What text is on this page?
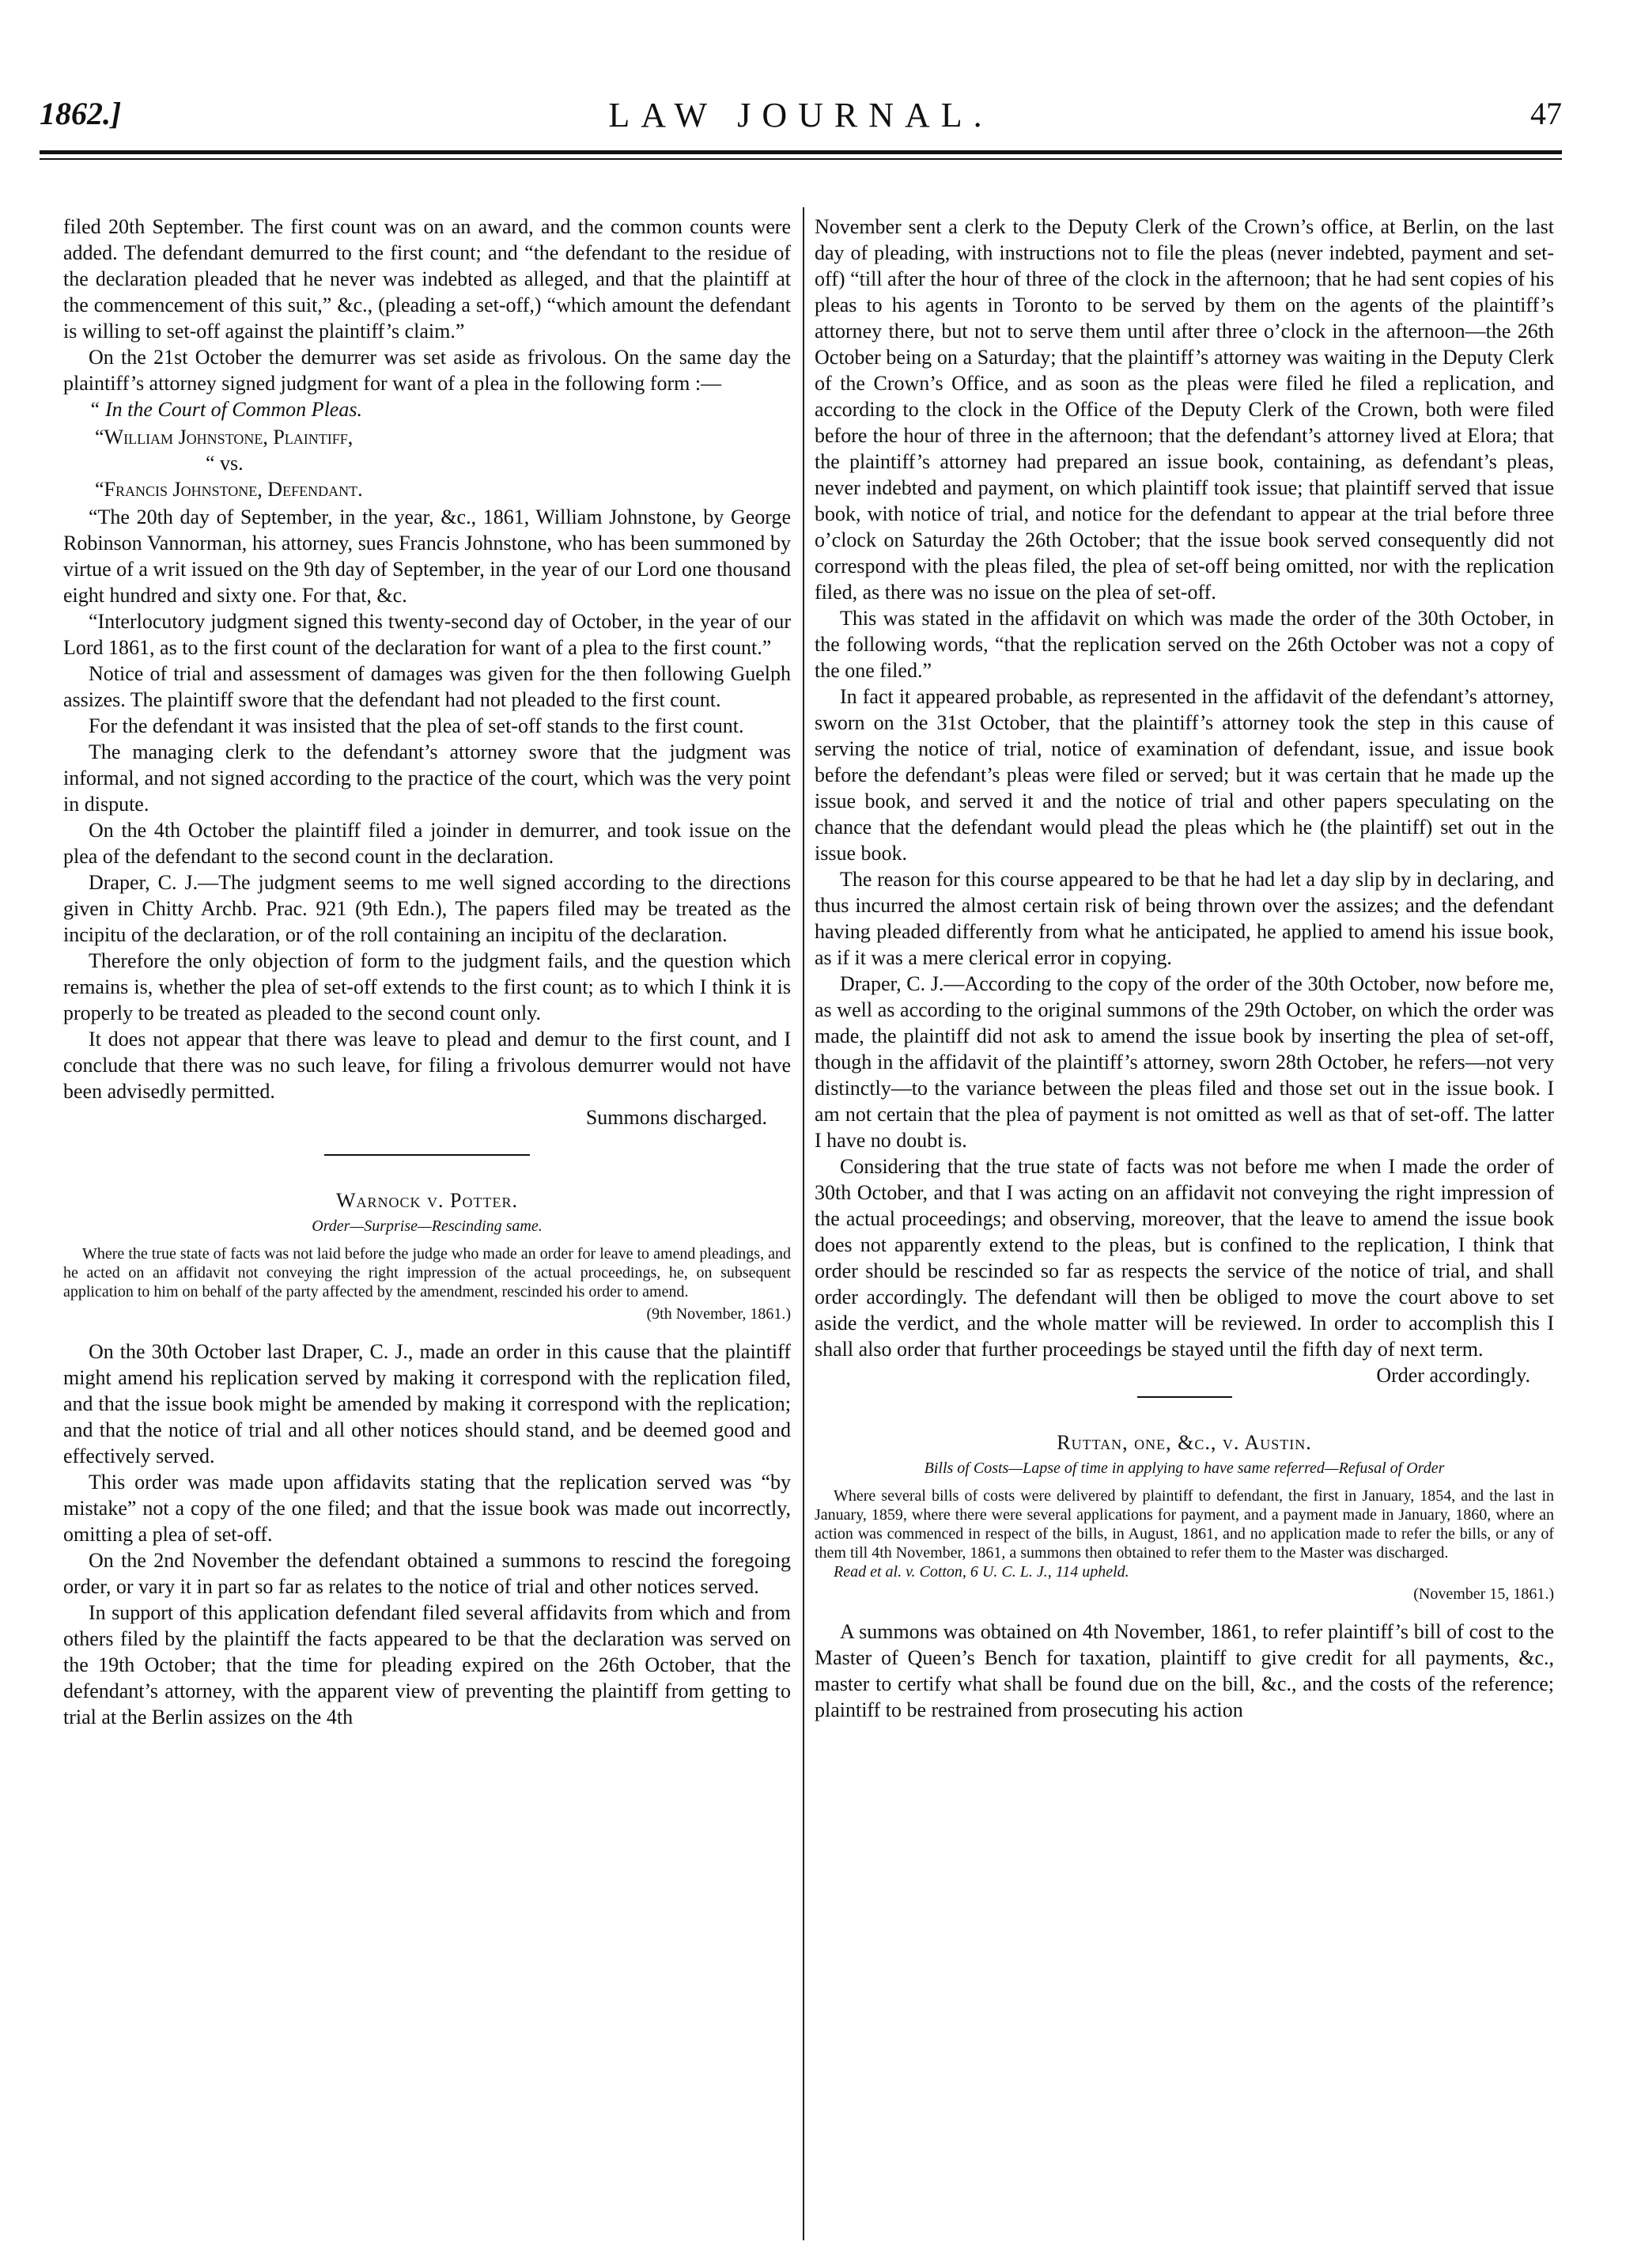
1862.]	LAW JOURNAL.	47

filed 20th September. The first count was on an award, and the common counts were added. The defendant demurred to the first count; and “the defendant to the residue of the declaration pleaded that he never was indebted as alleged, and that the plaintiff at the commencement of this suit,” &c., (pleading a set-off,) “which amount the defendant is willing to set-off against the plaintiff’s claim.”

On the 21st October the demurrer was set aside as frivolous. On the same day the plaintiff’s attorney signed judgment for want of a plea in the following form :—

“ In the Court of Common Pleas.

“William Johnstone, Plaintiff,
“ vs.
“Francis Johnstone, Defendant.

“The 20th day of September, in the year, &c., 1861, William Johnstone, by George Robinson Vannorman, his attorney, sues Francis Johnstone, who has been summoned by virtue of a writ issued on the 9th day of September, in the year of our Lord one thousand eight hundred and sixty one. For that, &c.

“Interlocutory judgment signed this twenty-second day of October, in the year of our Lord 1861, as to the first count of the declaration for want of a plea to the first count.”

Notice of trial and assessment of damages was given for the then following Guelph assizes. The plaintiff swore that the defendant had not pleaded to the first count.

For the defendant it was insisted that the plea of set-off stands to the first count.

The managing clerk to the defendant’s attorney swore that the judgment was informal, and not signed according to the practice of the court, which was the very point in dispute.

On the 4th October the plaintiff filed a joinder in demurrer, and took issue on the plea of the defendant to the second count in the declaration.

Draper, C. J.—The judgment seems to me well signed according to the directions given in Chitty Archb. Prac. 921 (9th Edn.), The papers filed may be treated as the incipitu of the declaration, or of the roll containing an incipitu of the declaration.

Therefore the only objection of form to the judgment fails, and the question which remains is, whether the plea of set-off extends to the first count; as to which I think it is properly to be treated as pleaded to the second count only.

It does not appear that there was leave to plead and demur to the first count, and I conclude that there was no such leave, for filing a frivolous demurrer would not have been advisedly permitted.

Summons discharged.

Warnock v. Potter.

Order—Surprise—Rescinding same.

Where the true state of facts was not laid before the judge who made an order for leave to amend pleadings, and he acted on an affidavit not conveying the right impression of the actual proceedings, he, on subsequent application to him on behalf of the party affected by the amendment, rescinded his order to amend.

(9th November, 1861.)

On the 30th October last Draper, C. J., made an order in this cause that the plaintiff might amend his replication served by making it correspond with the replication filed, and that the issue book might be amended by making it correspond with the replication; and that the notice of trial and all other notices should stand, and be deemed good and effectively served.

This order was made upon affidavits stating that the replication served was “by mistake” not a copy of the one filed; and that the issue book was made out incorrectly, omitting a plea of set-off.

On the 2nd November the defendant obtained a summons to rescind the foregoing order, or vary it in part so far as relates to the notice of trial and other notices served.

In support of this application defendant filed several affidavits from which and from others filed by the plaintiff the facts appeared to be that the declaration was served on the 19th October; that the time for pleading expired on the 26th October, that the defendant’s attorney, with the apparent view of preventing the plaintiff from getting to trial at the Berlin assizes on the 4th

November sent a clerk to the Deputy Clerk of the Crown’s office, at Berlin, on the last day of pleading, with instructions not to file the pleas (never indebted, payment and set-off) “till after the hour of three of the clock in the afternoon; that he had sent copies of his pleas to his agents in Toronto to be served by them on the agents of the plaintiff’s attorney there, but not to serve them until after three o’clock in the afternoon—the 26th October being on a Saturday; that the plaintiff’s attorney was waiting in the Deputy Clerk of the Crown’s Office, and as soon as the pleas were filed he filed a replication, and according to the clock in the Office of the Deputy Clerk of the Crown, both were filed before the hour of three in the afternoon; that the defendant’s attorney lived at Elora; that the plaintiff’s attorney had prepared an issue book, containing, as defendant’s pleas, never indebted and payment, on which plaintiff took issue; that plaintiff served that issue book, with notice of trial, and notice for the defendant to appear at the trial before three o’clock on Saturday the 26th October; that the issue book served consequently did not correspond with the pleas filed, the plea of set-off being omitted, nor with the replication filed, as there was no issue on the plea of set-off.

This was stated in the affidavit on which was made the order of the 30th October, in the following words, “that the replication served on the 26th October was not a copy of the one filed.”

In fact it appeared probable, as represented in the affidavit of the defendant’s attorney, sworn on the 31st October, that the plaintiff’s attorney took the step in this cause of serving the notice of trial, notice of examination of defendant, issue, and issue book before the defendant’s pleas were filed or served; but it was certain that he made up the issue book, and served it and the notice of trial and other papers speculating on the chance that the defendant would plead the pleas which he (the plaintiff) set out in the issue book.

The reason for this course appeared to be that he had let a day slip by in declaring, and thus incurred the almost certain risk of being thrown over the assizes; and the defendant having pleaded differently from what he anticipated, he applied to amend his issue book, as if it was a mere clerical error in copying.

Draper, C. J.—According to the copy of the order of the 30th October, now before me, as well as according to the original summons of the 29th October, on which the order was made, the plaintiff did not ask to amend the issue book by inserting the plea of set-off, though in the affidavit of the plaintiff’s attorney, sworn 28th October, he refers—not very distinctly—to the variance between the pleas filed and those set out in the issue book. I am not certain that the plea of payment is not omitted as well as that of set-off. The latter I have no doubt is.

Considering that the true state of facts was not before me when I made the order of 30th October, and that I was acting on an affidavit not conveying the right impression of the actual proceedings; and observing, moreover, that the leave to amend the issue book does not apparently extend to the pleas, but is confined to the replication, I think that order should be rescinded so far as respects the service of the notice of trial, and shall order accordingly. The defendant will then be obliged to move the court above to set aside the verdict, and the whole matter will be reviewed. In order to accomplish this I shall also order that further proceedings be stayed until the fifth day of next term.

Order accordingly.

Ruttan, one, &c., v. Austin.

Bills of Costs—Lapse of time in applying to have same referred—Refusal of Order

Where several bills of costs were delivered by plaintiff to defendant, the first in January, 1854, and the last in January, 1859, where there were several applications for payment, and a payment made in January, 1860, where an action was commenced in respect of the bills, in August, 1861, and no application made to refer the bills, or any of them till 4th November, 1861, a summons then obtained to refer them to the Master was discharged.

Read et al. v. Cotton, 6 U. C. L. J., 114 upheld.

(November 15, 1861.)

A summons was obtained on 4th November, 1861, to refer plaintiff’s bill of cost to the Master of Queen’s Bench for taxation, plaintiff to give credit for all payments, &c., master to certify what shall be found due on the bill, &c., and the costs of the reference; plaintiff to be restrained from prosecuting his action
